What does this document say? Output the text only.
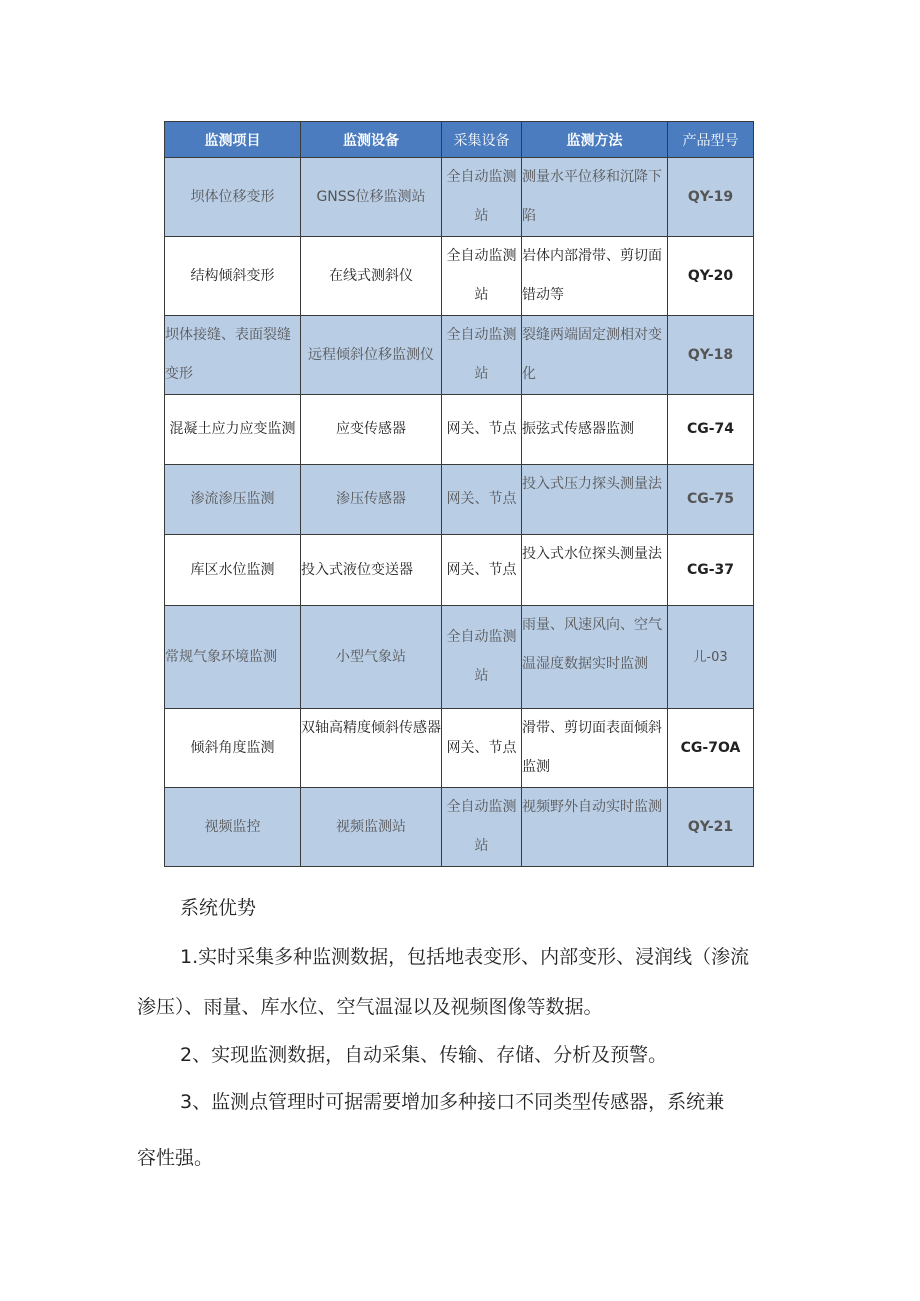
监测项目	监测设备	采集设备	监测方法	产品型号
坝体位移变形	GNSS位移监测站	全自动监测站	测量水平位移和沉降下陷	QY-19
结构倾斜变形	在线式测斜仪	全自动监测站	岩体内部滑带、剪切面错动等	QY-20
坝体接缝、表面裂缝变形	远程倾斜位移监测仪	全自动监测站	裂缝两端固定测相对变化	QY-18
混凝土应力应变监测	应变传感器	网关、节点	振弦式传感器监测	CG-74
渗流渗压监测	渗压传感器	网关、节点	投入式压力探头测量法	CG-75
库区水位监测	投入式液位变送器	网关、节点	投入式水位探头测量法	CG-37
常规气象环境监测	小型气象站	全自动监测站	雨量、风速风向、空气温湿度数据实时监测	儿-03
倾斜角度监测	双轴高精度倾斜传感器	网关、节点	滑带、剪切面表面倾斜监测	CG-7OA
视频监控	视频监测站	全自动监测站	视频野外自动实时监测	QY-21
系统优势
1.实时采集多种监测数据，包括地表变形、内部变形、浸润线（渗流
渗压）、雨量、库水位、空气温湿以及视频图像等数据。
2、实现监测数据，自动采集、传输、存储、分析及预警。
3、监测点管理时可据需要增加多种接口不同类型传感器，系统兼
容性强。
